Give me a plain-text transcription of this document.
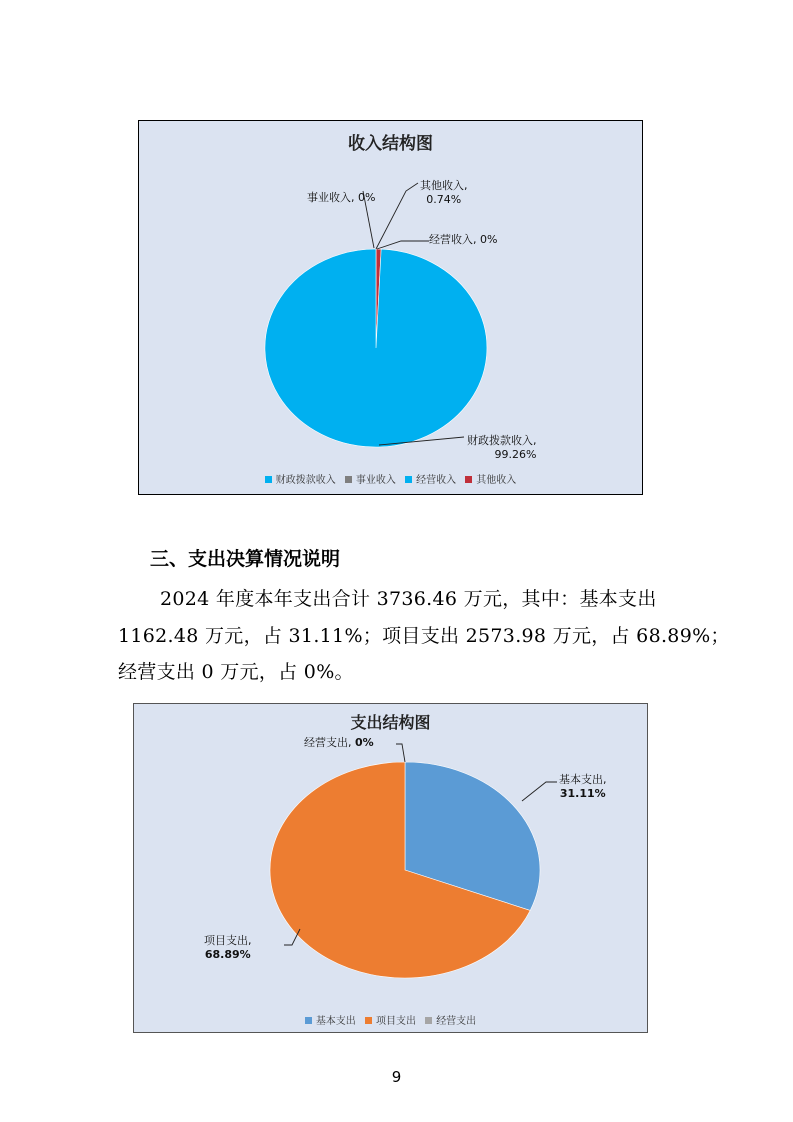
收入结构图
事业收入, 0%
其他收入,
0.74%
经营收入, 0%
财政拨款收入,
99.26%
财政拨款收入 事业收入 经营收入 其他收入
三、支出决算情况说明
2024 年度本年支出合计 3736.46 万元，其中：基本支出
1162.48 万元，占 31.11%；项目支出 2573.98 万元，占 68.89%；
经营支出 0 万元，占 0%。
支出结构图
经营支出, 0%
基本支出,
31.11%
项目支出,
68.89%
基本支出 项目支出 经营支出
9
